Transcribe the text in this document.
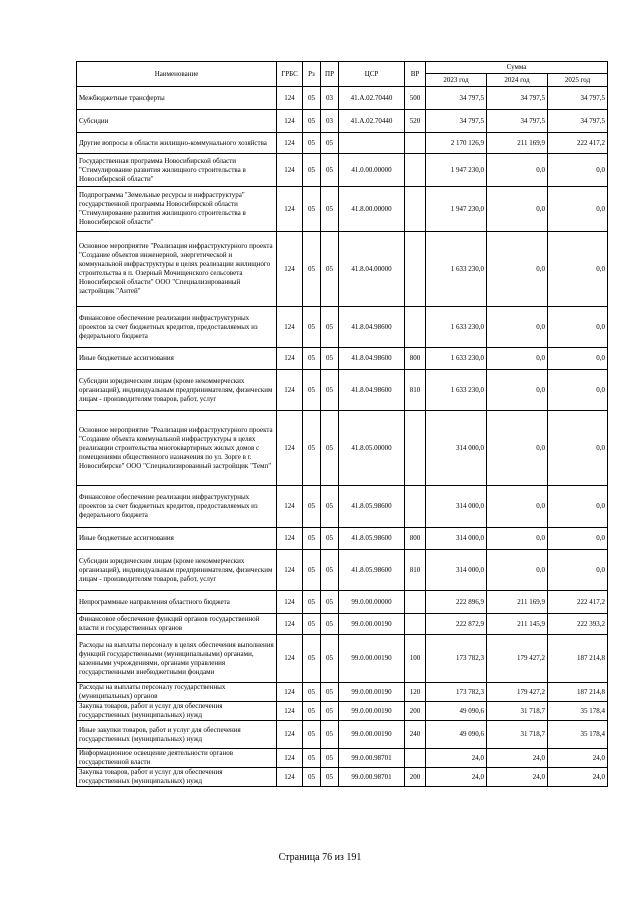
Наименование	ГРБС	Рз	ПР	ЦСР	ВР	Сумма		
						2023 год	2024 год	2025 год
Межбюджетные трансферты	124	05	03	41.А.02.70440	500	34 797,5	34 797,5	34 797,5
Субсидии	124	05	03	41.А.02.70440	520	34 797,5	34 797,5	34 797,5
Другие вопросы в области жилищно-коммунального хозяйства	124	05	05			2 170 126,9	211 169,9	222 417,2
Государственная программа Новосибирской области "Стимулирование развития жилищного строительства в Новосибирской области"	124	05	05	41.0.00.00000		1 947 230,0	0,0	0,0
Подпрограмма "Земельные ресурсы и инфраструктура" государственной программы Новосибирской области "Стимулирование развития жилищного строительства в Новосибирской области"	124	05	05	41.8.00.00000		1 947 230,0	0,0	0,0
Основное мероприятие "Реализация инфраструктурного проекта "Создание объектов инженерной, энергетической и коммунальной инфраструктуры в целях реализации жилищного строительства в п. Озерный Мочищенского сельсовета Новосибирской области" ООО "Специализированный застройщик "Антей"	124	05	05	41.8.04.00000		1 633 230,0	0,0	0,0
Финансовое обеспечение реализации инфраструктурных проектов за счет бюджетных кредитов, предоставляемых из федерального бюджета	124	05	05	41.8.04.98600		1 633 230,0	0,0	0,0
Иные бюджетные ассигнования	124	05	05	41.8.04.98600	800	1 633 230,0	0,0	0,0
Субсидии юридическим лицам (кроме некоммерческих организаций), индивидуальным предпринимателям, физическим лицам - производителям товаров, работ, услуг	124	05	05	41.8.04.98600	810	1 633 230,0	0,0	0,0
Основное мероприятие "Реализация инфраструктурного проекта "Создание объекта коммунальной инфраструктуры в целях реализации строительства многоквартирных жилых домов с помещениями общественного назначения по ул. Зорге в г. Новосибирске" ООО "Специализированный застройщик "Темп"	124	05	05	41.8.05.00000		314 000,0	0,0	0,0
Финансовое обеспечение реализации инфраструктурных проектов за счет бюджетных кредитов, предоставляемых из федерального бюджета	124	05	05	41.8.05.98600		314 000,0	0,0	0,0
Иные бюджетные ассигнования	124	05	05	41.8.05.98600	800	314 000,0	0,0	0,0
Субсидии юридическим лицам (кроме некоммерческих организаций), индивидуальным предпринимателям, физическим лицам - производителям товаров, работ, услуг	124	05	05	41.8.05.98600	810	314 000,0	0,0	0,0
Непрограммные направления областного бюджета	124	05	05	99.0.00.00000		222 896,9	211 169,9	222 417,2
Финансовое обеспечение функций органов государственной власти и государственных органов	124	05	05	99.0.00.00190		222 872,9	211 145,9	222 393,2
Расходы на выплаты персоналу в целях обеспечения выполнения функций государственными (муниципальными) органами, казенными учреждениями, органами управления государственными внебюджетными фондами	124	05	05	99.0.00.00190	100	173 782,3	179 427,2	187 214,8
Расходы на выплаты персоналу государственных (муниципальных) органов	124	05	05	99.0.00.00190	120	173 782,3	179 427,2	187 214,8
Закупка товаров, работ и услуг для обеспечения государственных (муниципальных) нужд	124	05	05	99.0.00.00190	200	49 090,6	31 718,7	35 178,4
Иные закупки товаров, работ и услуг для обеспечения государственных (муниципальных) нужд	124	05	05	99.0.00.00190	240	49 090,6	31 718,7	35 178,4
Информационное освещение деятельности органов государственной власти	124	05	05	99.0.00.98701		24,0	24,0	24,0
Закупка товаров, работ и услуг для обеспечения государственных (муниципальных) нужд	124	05	05	99.0.00.98701	200	24,0	24,0	24,0
Страница 76 из 191
